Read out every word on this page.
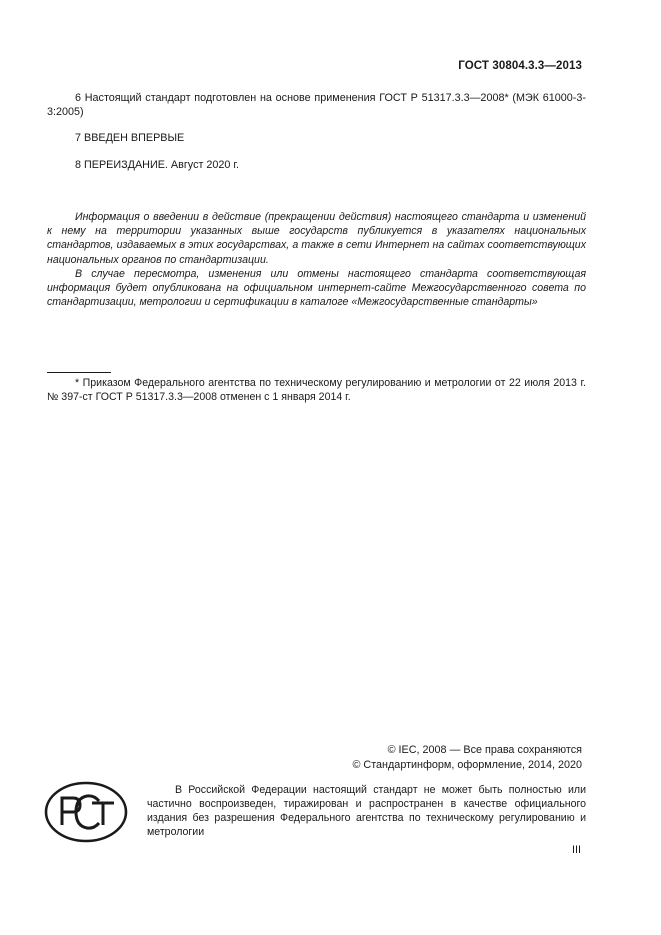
ГОСТ 30804.3.3—2013
6 Настоящий стандарт подготовлен на основе применения ГОСТ Р 51317.3.3—2008* (МЭК 61000-3-3:2005)
7 ВВЕДЕН ВПЕРВЫЕ
8 ПЕРЕИЗДАНИЕ. Август 2020 г.

Информация о введении в действие (прекращении действия) настоящего стандарта и изменений к нему на территории указанных выше государств публикуется в указателях национальных стандартов, издаваемых в этих государствах, а также в сети Интернет на сайтах соответствующих национальных органов по стандартизации.

В случае пересмотра, изменения или отмены настоящего стандарта соответствующая информация будет опубликована на официальном интернет-сайте Межгосударственного совета по стандартизации, метрологии и сертификации в каталоге «Межгосударственные стандарты»

* Приказом Федерального агентства по техническому регулированию и метрологии от 22 июля 2013 г. № 397-ст ГОСТ Р 51317.3.3—2008 отменен с 1 января 2014 г.
© IEC, 2008 — Все права сохраняются
© Стандартинформ, оформление, 2014, 2020
В Российской Федерации настоящий стандарт не может быть полностью или частично воспроизведен, тиражирован и распространен в качестве официального издания без разрешения Федерального агентства по техническому регулированию и метрологии
III
